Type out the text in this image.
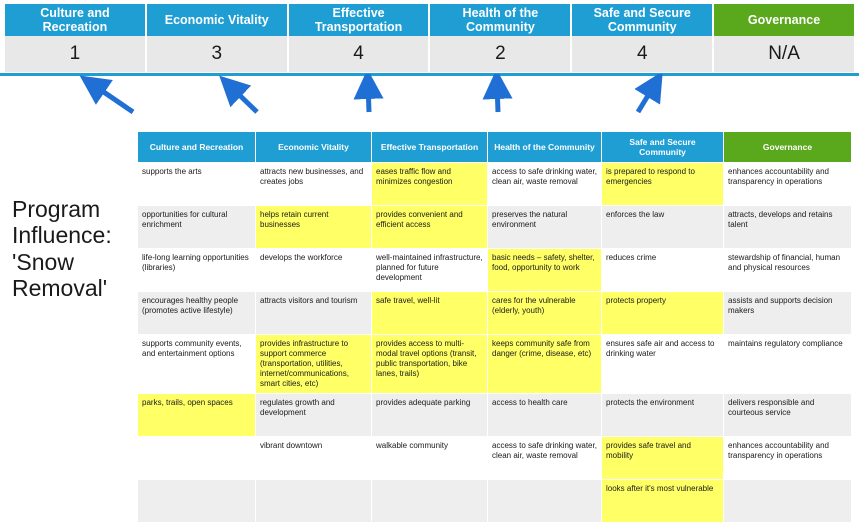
Culture and Recreation
Economic Vitality
Effective Transportation
Health of the Community
Safe and Secure Community
Governance
1	3	4	2	4	N/A
Program Influence: 'Snow Removal'
Culture and Recreation	Economic Vitality	Effective Transportation	Health of the Community	Safe and Secure Community	Governance
supports the arts	attracts new businesses, and creates jobs	eases traffic flow and minimizes congestion	access to safe drinking water, clean air, waste removal	is prepared to respond to emergencies	enhances accountability and transparency in operations
opportunities for cultural enrichment	helps retain current businesses	provides convenient and efficient access	preserves the natural environment	enforces the law	attracts, develops and retains talent
life-long learning opportunities (libraries)	develops the workforce	well-maintained infrastructure, planned for future development	basic needs – safety, shelter, food, opportunity to work	reduces crime	stewardship of financial, human and physical resources
encourages healthy people (promotes active lifestyle)	attracts visitors and tourism	safe travel, well-lit	cares for the vulnerable (elderly, youth)	protects property	assists and supports decision makers
supports community events, and entertainment options	provides infrastructure to support commerce (transportation, utilities, internet/communications, smart cities, etc)	provides access to multi-modal travel options (transit, public transportation, bike lanes, trails)	keeps community safe from danger (crime, disease, etc)	ensures safe air and access to drinking water	maintains regulatory compliance
parks, trails, open spaces	regulates growth and development	provides adequate parking	access to health care	protects the environment	delivers responsible and courteous service
	vibrant downtown	walkable community	access to safe drinking water, clean air, waste removal	provides safe travel and mobility	enhances accountability and transparency in operations
				looks after it's most vulnerable	
